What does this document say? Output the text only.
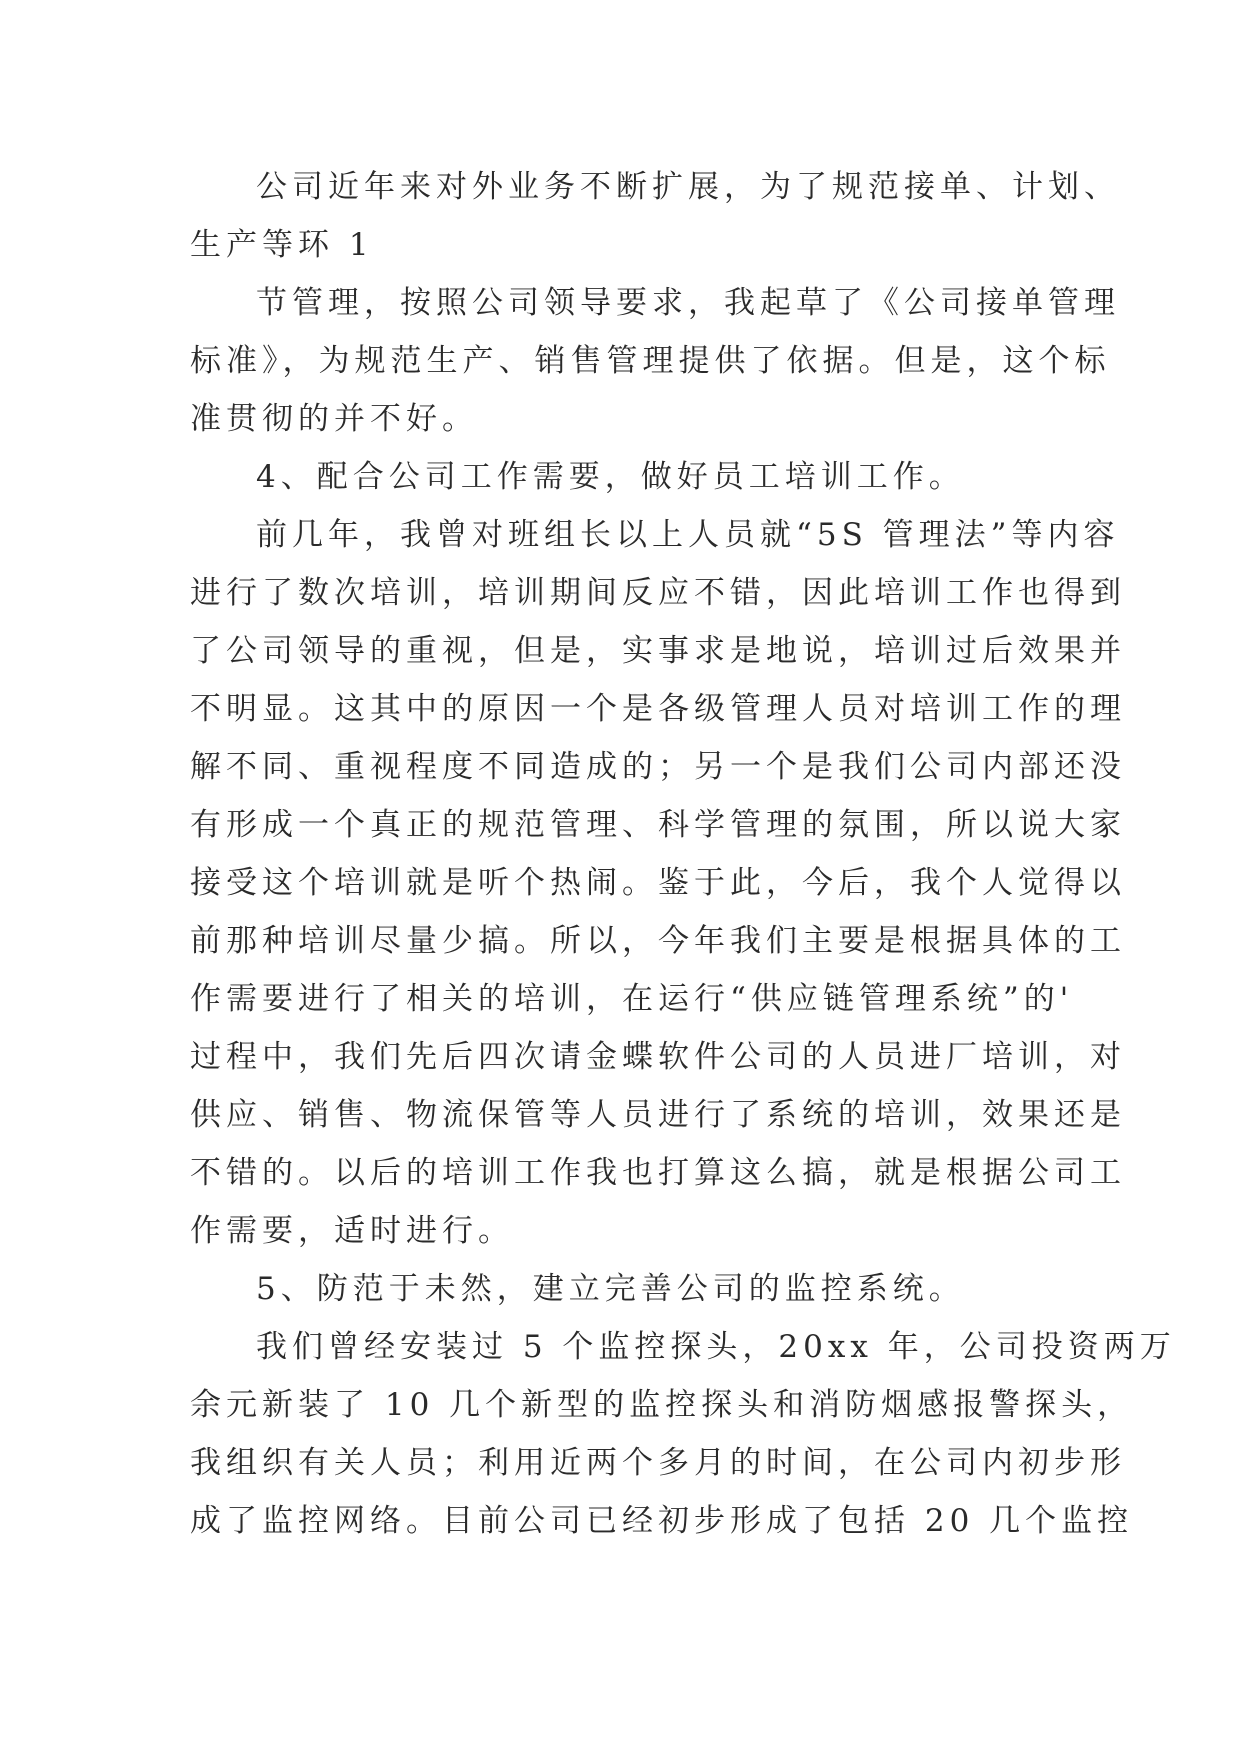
公司近年来对外业务不断扩展，为了规范接单、计划、
生产等环 1
节管理，按照公司领导要求，我起草了《公司接单管理
标准》，为规范生产、销售管理提供了依据。但是，这个标
准贯彻的并不好。
4、配合公司工作需要，做好员工培训工作。
前几年，我曾对班组长以上人员就“5S 管理法”等内容
进行了数次培训，培训期间反应不错，因此培训工作也得到
了公司领导的重视，但是，实事求是地说，培训过后效果并
不明显。这其中的原因一个是各级管理人员对培训工作的理
解不同、重视程度不同造成的；另一个是我们公司内部还没
有形成一个真正的规范管理、科学管理的氛围，所以说大家
接受这个培训就是听个热闹。鉴于此，今后，我个人觉得以
前那种培训尽量少搞。所以，今年我们主要是根据具体的工
作需要进行了相关的培训，在运行“供应链管理系统”的'
过程中，我们先后四次请金蝶软件公司的人员进厂培训，对
供应、销售、物流保管等人员进行了系统的培训，效果还是
不错的。以后的培训工作我也打算这么搞，就是根据公司工
作需要，适时进行。
5、防范于未然，建立完善公司的监控系统。
我们曾经安装过 5 个监控探头，20xx 年，公司投资两万
余元新装了 10 几个新型的监控探头和消防烟感报警探头，
我组织有关人员；利用近两个多月的时间，在公司内初步形
成了监控网络。目前公司已经初步形成了包括 20 几个监控
